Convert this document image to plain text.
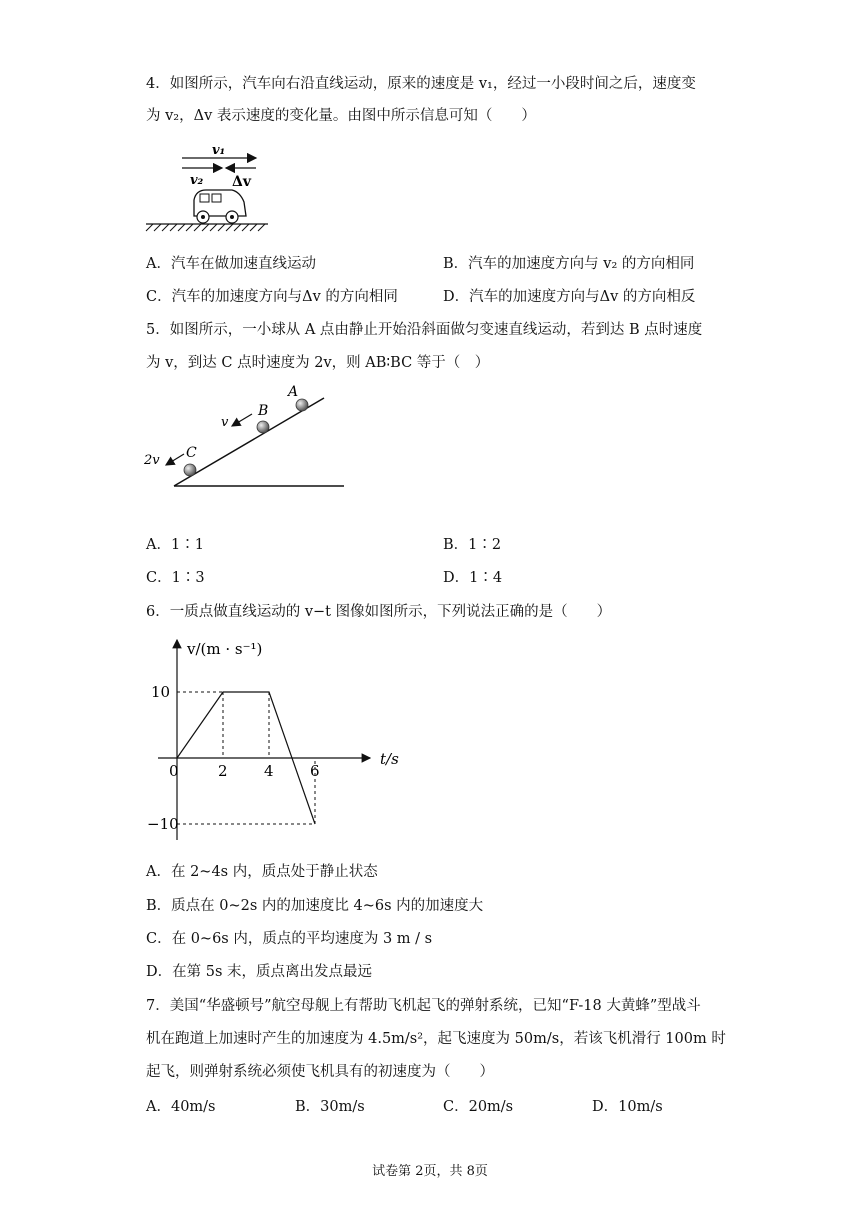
4．如图所示，汽车向右沿直线运动，原来的速度是 v₁，经过一小段时间之后，速度变
为 v₂，Δv 表示速度的变化量。由图中所示信息可知（　　）
v₁
v₂ Δv
A．汽车在做加速直线运动	B．汽车的加速度方向与 v₂ 的方向相同
C．汽车的加速度方向与Δv 的方向相同	D．汽车的加速度方向与Δv 的方向相反
5．如图所示，一小球从 A 点由静止开始沿斜面做匀变速直线运动，若到达 B 点时速度
为 v，到达 C 点时速度为 2v，则 AB∶BC 等于（　）
A
B
C
v
2v
A．1∶1	B．1∶2
C．1∶3	D．1∶4
6．一质点做直线运动的 v−t 图像如图所示，下列说法正确的是（　　）
0	2 4 6
10
−10
v/(m · s⁻¹)
t/s
A．在 2~4s 内，质点处于静止状态
B．质点在 0~2s 内的加速度比 4~6s 内的加速度大
C．在 0~6s 内，质点的平均速度为 3 m / s
D．在第 5s 末，质点离出发点最远
7．美国“华盛顿号”航空母舰上有帮助飞机起飞的弹射系统，已知“F-18 大黄蜂”型战斗
机在跑道上加速时产生的加速度为 4.5m/s²，起飞速度为 50m/s，若该飞机滑行 100m 时
起飞，则弹射系统必须使飞机具有的初速度为（　　）
A．40m/s	B．30m/s	C．20m/s	D．10m/s
试卷第 2页，共 8页
